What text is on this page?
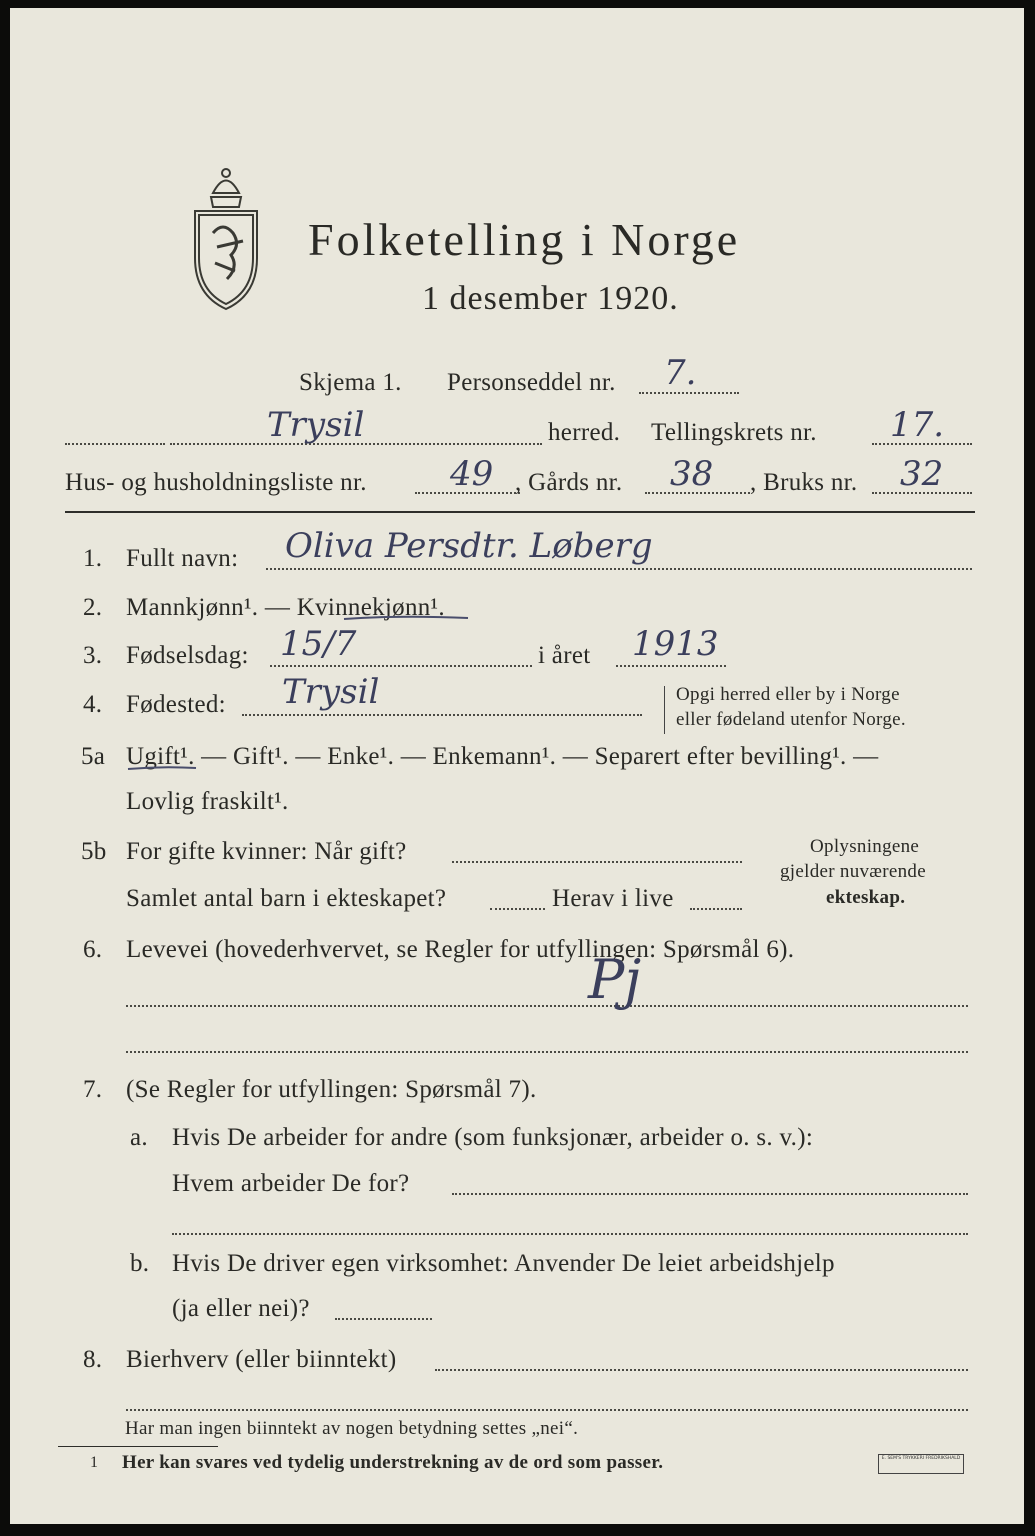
Folketelling i Norge
1 desember 1920.
Skjema 1. Personseddel nr. 7.
Trysil	herred. Tellingskrets nr. 17.
Hus- og husholdningsliste nr. 49 , Gårds nr. 38 , Bruks nr. 32
1. Fullt navn: Oliva Persdtr. Løberg
2. Mannkjønn¹. — Kvinnekjønn¹.
3. Fødselsdag: 15/7	i året 1913
4. Fødested: Trysil	Opgi herred eller by i Norge
eller fødeland utenfor Norge.
5a Ugift¹. — Gift¹. — Enke¹. — Enkemann¹. — Separert efter bevilling¹. —
Lovlig fraskilt¹.
5b For gifte kvinner: Når gift?
Samlet antal barn i ekteskapet?	Herav i live
Oplysningene
gjelder nuværende
ekteskap.
6. Levevei (hovederhvervet, se Regler for utfyllingen: Spørsmål 6).
Pj
7. (Se Regler for utfyllingen: Spørsmål 7).
a. Hvis De arbeider for andre (som funksjonær, arbeider o. s. v.):
Hvem arbeider De for?
b. Hvis De driver egen virksomhet: Anvender De leiet arbeidshjelp
(ja eller nei)?
8. Bierhverv (eller biinntekt)
Har man ingen biinntekt av nogen betydning settes „nei“.
1 Her kan svares ved tydelig understrekning av de ord som passer.	E. SEM'S TRYKKERI FREDRIKSHALD
